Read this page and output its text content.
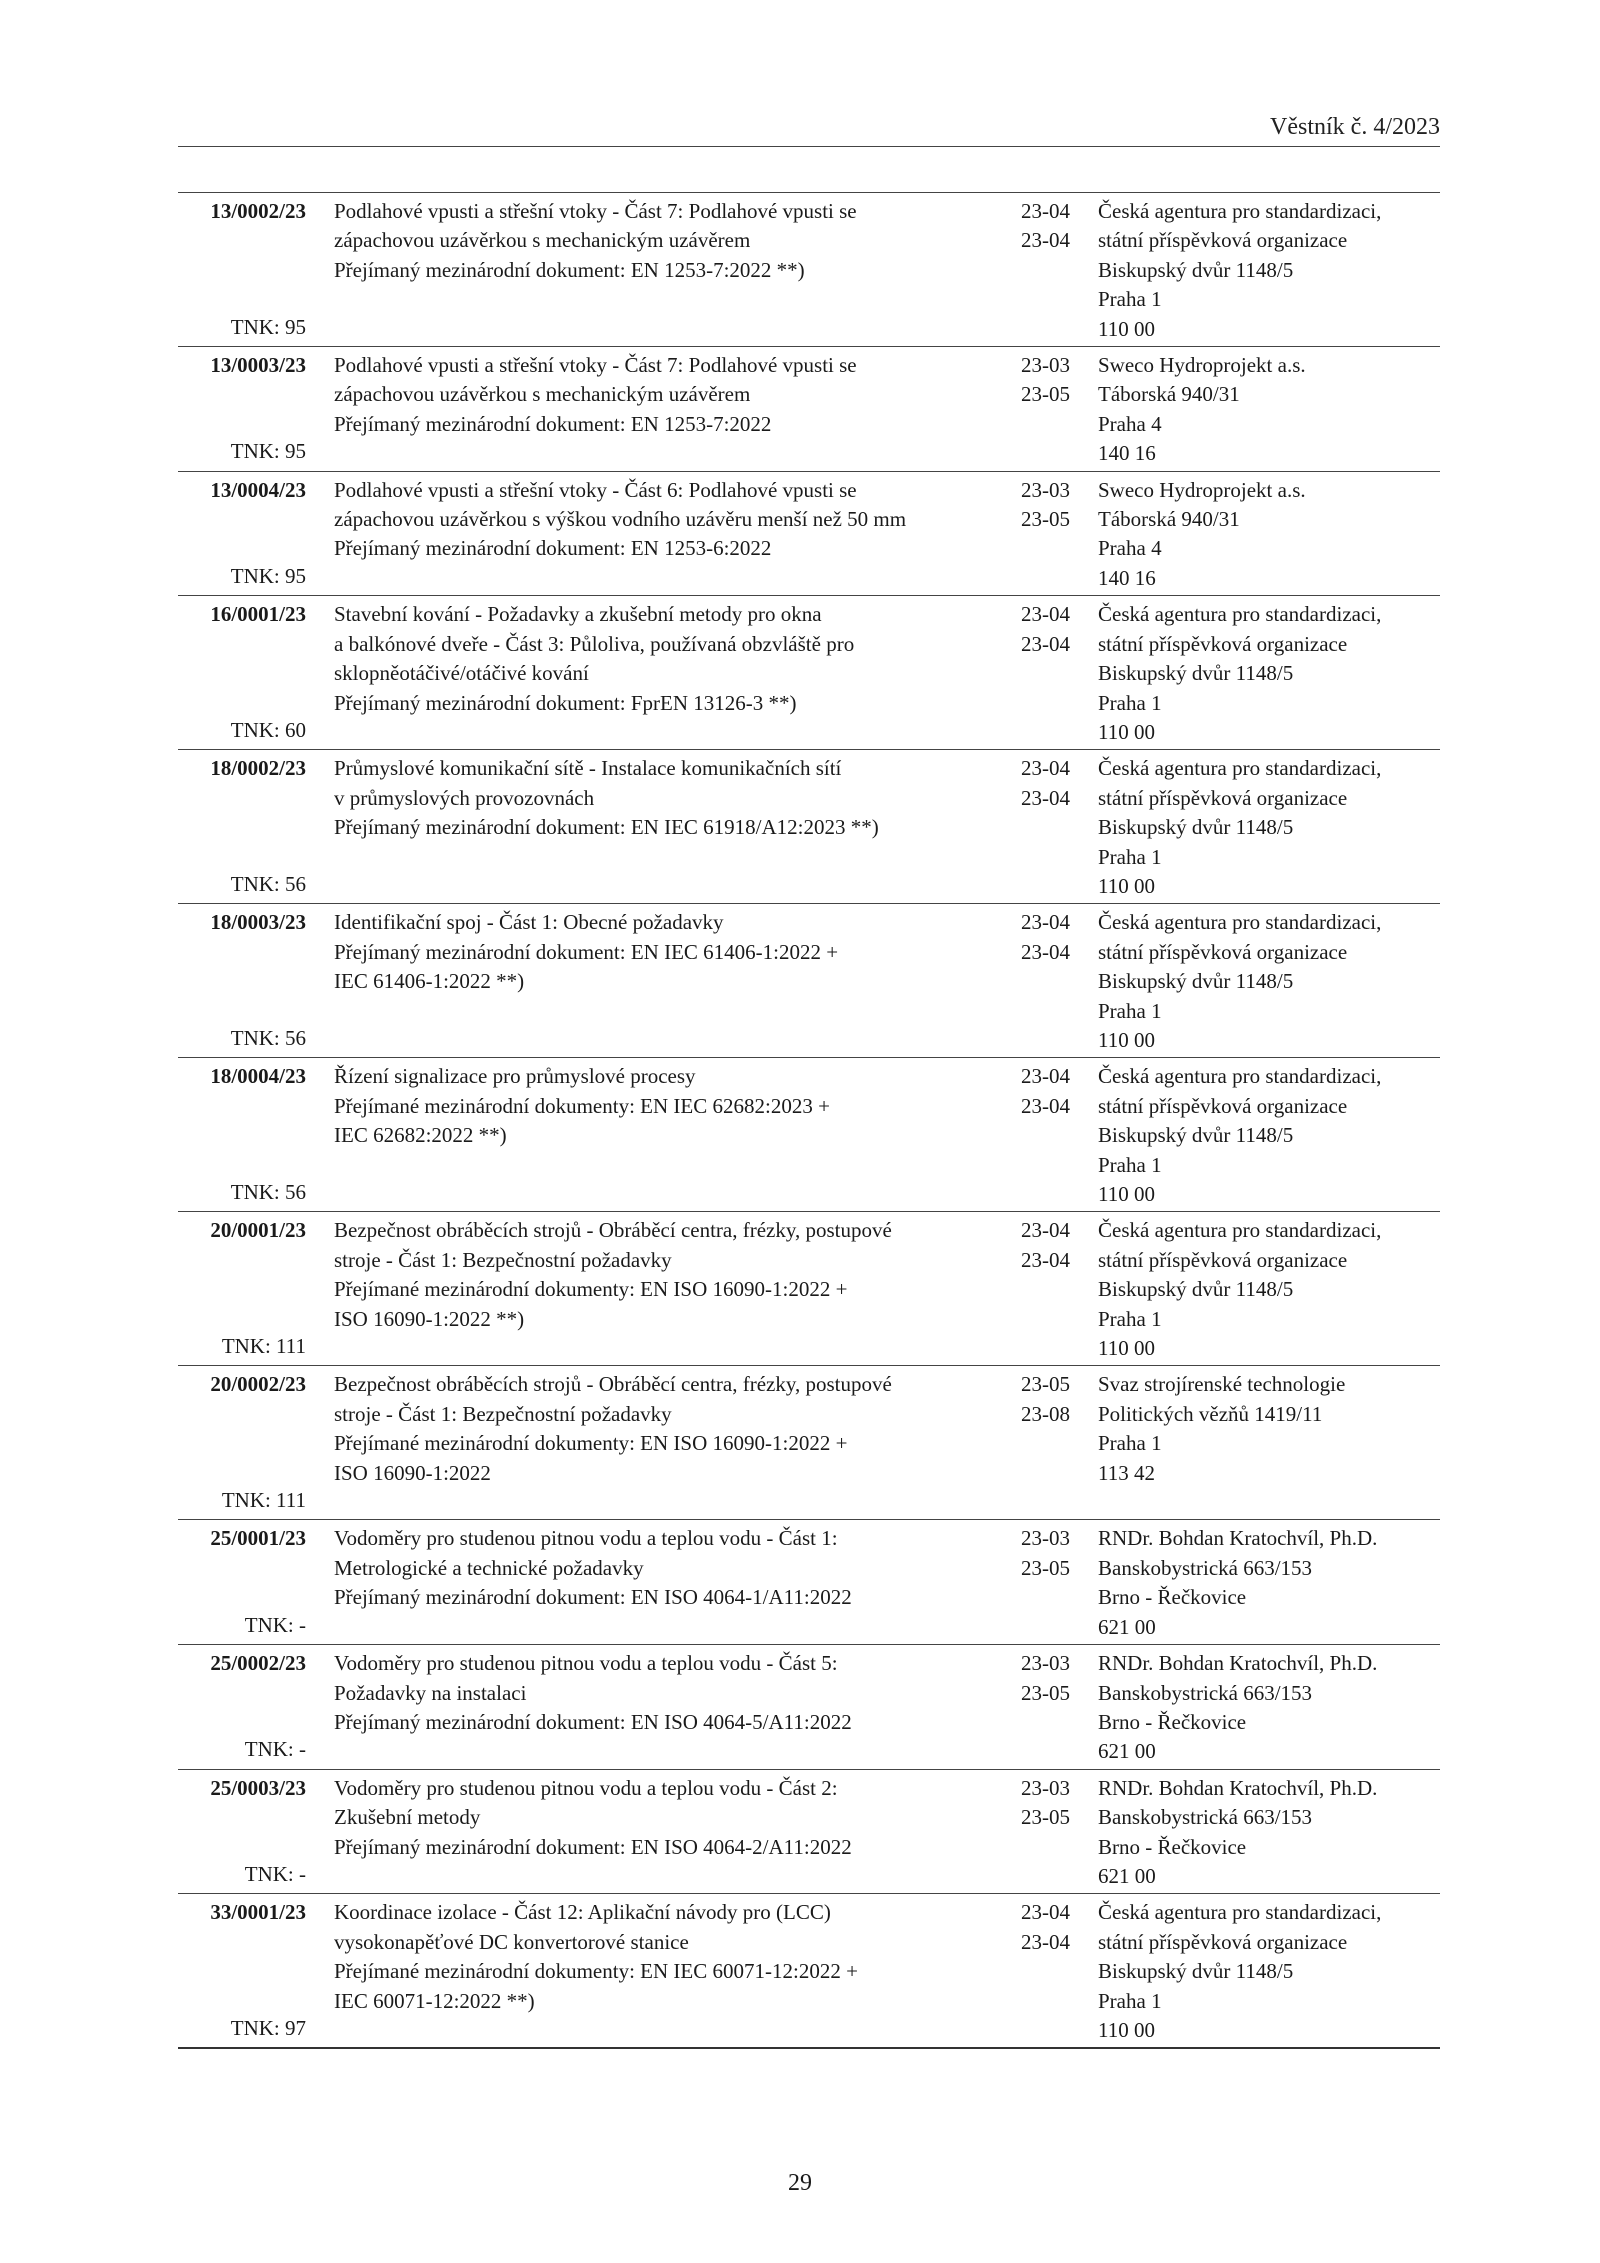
Věstník č. 4/2023
13/0002/23
TNK: 95
Podlahové vpusti a střešní vtoky - Část 7: Podlahové vpusti se
zápachovou uzávěrkou s mechanickým uzávěrem
Přejímaný mezinárodní dokument: EN 1253-7:2022 **)

23-04
23-04
Česká agentura pro standardizaci,
státní příspěvková organizace
Biskupský dvůr 1148/5
Praha 1
110 00
13/0003/23
TNK: 95
Podlahové vpusti a střešní vtoky - Část 7: Podlahové vpusti se
zápachovou uzávěrkou s mechanickým uzávěrem
Přejímaný mezinárodní dokument: EN 1253-7:2022

23-03
23-05
Sweco Hydroprojekt a.s.
Táborská 940/31
Praha 4
140 16
13/0004/23
TNK: 95
Podlahové vpusti a střešní vtoky - Část 6: Podlahové vpusti se
zápachovou uzávěrkou s výškou vodního uzávěru menší než 50 mm
Přejímaný mezinárodní dokument: EN 1253-6:2022

23-03
23-05
Sweco Hydroprojekt a.s.
Táborská 940/31
Praha 4
140 16
16/0001/23
TNK: 60
Stavební kování - Požadavky a zkušební metody pro okna
a balkónové dveře - Část 3: Půloliva, používaná obzvláště pro
sklopněotáčivé/otáčivé kování
Přejímaný mezinárodní dokument: FprEN 13126-3 **)

23-04
23-04
Česká agentura pro standardizaci,
státní příspěvková organizace
Biskupský dvůr 1148/5
Praha 1
110 00
18/0002/23
TNK: 56
Průmyslové komunikační sítě - Instalace komunikačních sítí
v průmyslových provozovnách
Přejímaný mezinárodní dokument: EN IEC 61918/A12:2023 **)

23-04
23-04
Česká agentura pro standardizaci,
státní příspěvková organizace
Biskupský dvůr 1148/5
Praha 1
110 00
18/0003/23
TNK: 56
Identifikační spoj - Část 1: Obecné požadavky
Přejímaný mezinárodní dokument: EN IEC 61406-1:2022 +
IEC 61406-1:2022 **)

23-04
23-04
Česká agentura pro standardizaci,
státní příspěvková organizace
Biskupský dvůr 1148/5
Praha 1
110 00
18/0004/23
TNK: 56
Řízení signalizace pro průmyslové procesy
Přejímané mezinárodní dokumenty: EN IEC 62682:2023 +
IEC 62682:2022 **)

23-04
23-04
Česká agentura pro standardizaci,
státní příspěvková organizace
Biskupský dvůr 1148/5
Praha 1
110 00
20/0001/23
TNK: 111
Bezpečnost obráběcích strojů - Obráběcí centra, frézky, postupové
stroje - Část 1: Bezpečnostní požadavky
Přejímané mezinárodní dokumenty: EN ISO 16090-1:2022 +
ISO 16090-1:2022 **)

23-04
23-04
Česká agentura pro standardizaci,
státní příspěvková organizace
Biskupský dvůr 1148/5
Praha 1
110 00
20/0002/23
TNK: 111
Bezpečnost obráběcích strojů - Obráběcí centra, frézky, postupové
stroje - Část 1: Bezpečnostní požadavky
Přejímané mezinárodní dokumenty: EN ISO 16090-1:2022 +
ISO 16090-1:2022

23-05
23-08
Svaz strojírenské technologie
Politických vězňů 1419/11
Praha 1
113 42
25/0001/23
TNK: -
Vodoměry pro studenou pitnou vodu a teplou vodu - Část 1:
Metrologické a technické požadavky
Přejímaný mezinárodní dokument: EN ISO 4064-1/A11:2022

23-03
23-05
RNDr. Bohdan Kratochvíl, Ph.D.
Banskobystrická 663/153
Brno - Řečkovice
621 00
25/0002/23
TNK: -
Vodoměry pro studenou pitnou vodu a teplou vodu - Část 5:
Požadavky na instalaci
Přejímaný mezinárodní dokument: EN ISO 4064-5/A11:2022

23-03
23-05
RNDr. Bohdan Kratochvíl, Ph.D.
Banskobystrická 663/153
Brno - Řečkovice
621 00
25/0003/23
TNK: -
Vodoměry pro studenou pitnou vodu a teplou vodu - Část 2:
Zkušební metody
Přejímaný mezinárodní dokument: EN ISO 4064-2/A11:2022

23-03
23-05
RNDr. Bohdan Kratochvíl, Ph.D.
Banskobystrická 663/153
Brno - Řečkovice
621 00
33/0001/23
TNK: 97
Koordinace izolace - Část 12: Aplikační návody pro (LCC)
vysokonapěťové DC konvertorové stanice
Přejímané mezinárodní dokumenty: EN IEC 60071-12:2022 +
IEC 60071-12:2022 **)

23-04
23-04
Česká agentura pro standardizaci,
státní příspěvková organizace
Biskupský dvůr 1148/5
Praha 1
110 00
29
